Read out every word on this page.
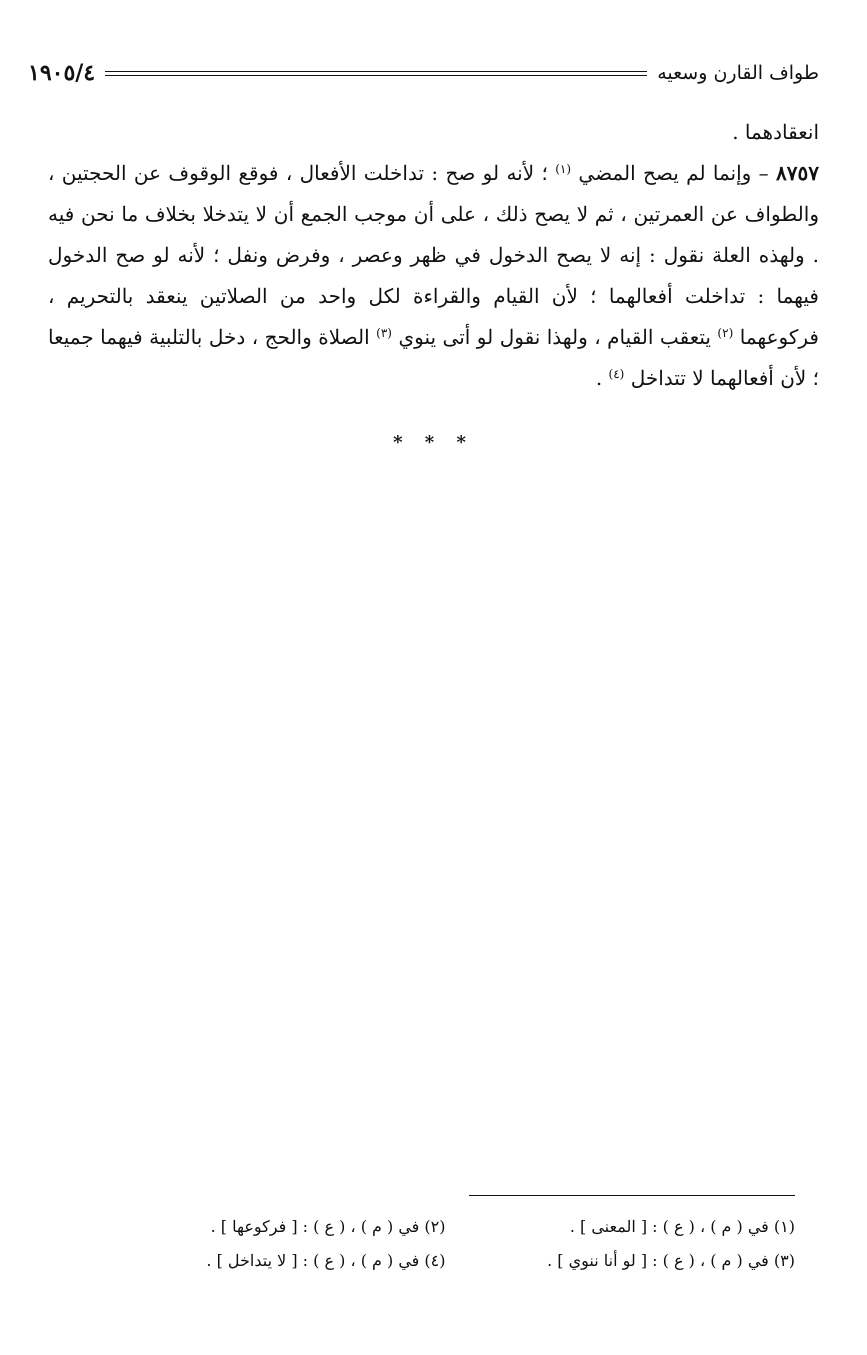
طواف القارن وسعيه
١٩٠٥/٤

انعقادهما .

٨٧٥٧ – وإنما لم يصح المضي $^{(١)}$ ؛ لأنه لو صح : تداخلت الأفعال ، فوقع الوقوف عن الحجتين ، والطواف عن العمرتين ، ثم لا يصح ذلك ، على أن موجب الجمع أن لا يتدخلا بخلاف ما نحن فيه . ولهذه العلة نقول : إنه لا يصح الدخول في ظهر وعصر ، وفرض ونفل ؛ لأنه لو صح الدخول فيهما : تداخلت أفعالهما ؛ لأن القيام والقراءة لكل واحد من الصلاتين ينعقد بالتحريم ، فركوعهما $^{(٢)}$ يتعقب القيام ، ولهذا نقول لو أتى ينوي $^{(٣)}$ الصلاة والحج ، دخل بالتلبية فيهما جميعا ؛ لأن أفعالهما لا تتداخل $^{(٤)}$ .

* * *
(١) في ( م ) ، ( ع ) : [ المعنى ] .
(٢) في ( م ) ، ( ع ) : [ فركوعها ] .
(٣) في ( م ) ، ( ع ) : [ لو أنا ننوي ] .
(٤) في ( م ) ، ( ع ) : [ لا يتداخل ] .
